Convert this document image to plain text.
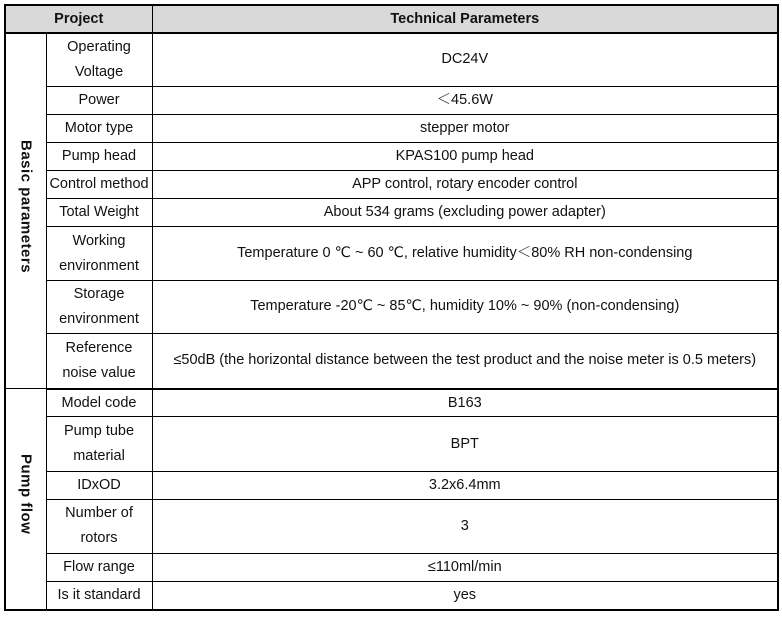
Project		Technical Parameters
Basic parameters	Operating Voltage	DC24V
	Power	＜45.6W
	Motor type	stepper motor
	Pump head	KPAS100 pump head
	Control method	APP control, rotary encoder control
	Total Weight	About 534 grams (excluding power adapter)
	Working environment	Temperature 0 ℃ ~ 60 ℃, relative humidity＜80% RH non-condensing
	Storage environment	Temperature -20℃ ~ 85℃, humidity 10% ~ 90% (non-condensing)
	Reference noise value	≤50dB (the horizontal distance between the test product and the noise meter is 0.5 meters)
Pump flow	Model code	B163
	Pump tube material	BPT
	IDxOD	3.2x6.4mm
	Number of rotors	3
	Flow range	≤110ml/min
	Is it standard	yes
